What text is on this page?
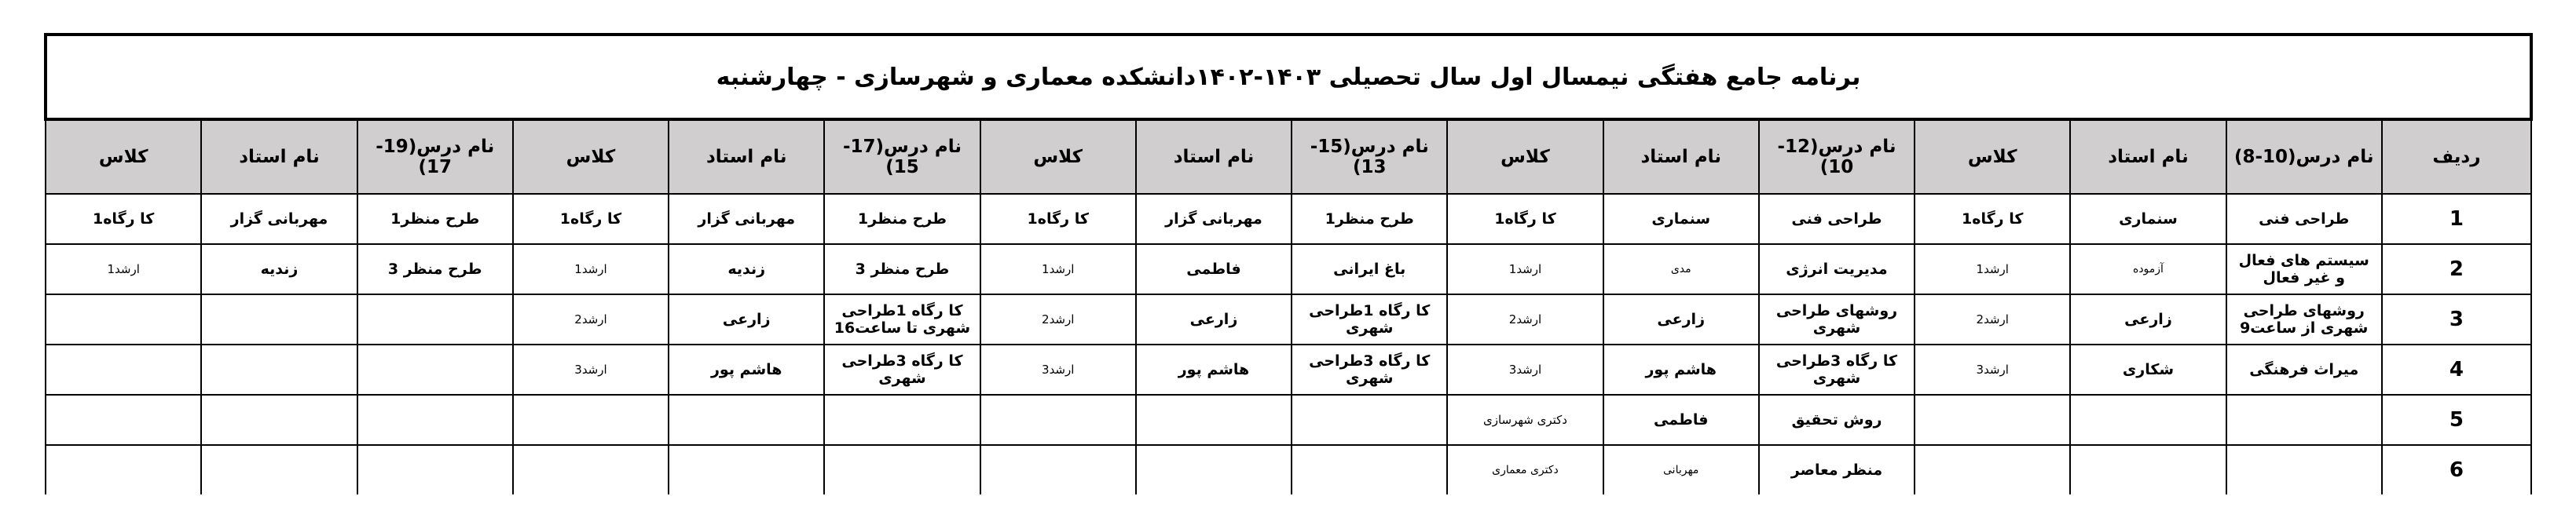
برنامه جامع هفتگی نیمسال اول سال تحصیلی ۱۴۰۳-۱۴۰۲دانشکده معماری و شهرسازی - چهارشنبه															
ردیف	نام درس(10-8)	نام استاد	کلاس	نام درس(12-10)	نام استاد	کلاس	نام درس(15-13)	نام استاد	کلاس	نام درس(17-15)	نام استاد	کلاس	نام درس(19-17)	نام استاد	کلاس
1	طراحی فنی	سنماری	کا رگاه1	طراحی فنی	سنماری	کا رگاه1	طرح منظر1	مهربانی گزار	کا رگاه1	طرح منظر1	مهربانی گزار	کا رگاه1	طرح منظر1	مهربانی گزار	کا رگاه1
2	سیستم های فعال و غیر فعال	آزموده	ارشد1	مدیریت انرژی	مدی	ارشد1	باغ ایرانی	فاطمی	ارشد1	طرح منظر 3	زندیه	ارشد1	طرح منظر 3	زندیه	ارشد1
3	روشهای طراحی شهری از ساعت9	زارعی	ارشد2	روشهای طراحی شهری	زارعی	ارشد2	کا رگاه 1طراحی شهری	زارعی	ارشد2	کا رگاه 1طراحی شهری تا ساعت16	زارعی	ارشد2			
4	میراث فرهنگی	شکاری	ارشد3	کا رگاه 3طراحی شهری	هاشم پور	ارشد3	کا رگاه 3طراحی شهری	هاشم پور	ارشد3	کا رگاه 3طراحی شهری	هاشم پور	ارشد3			
5				روش تحقیق	فاطمی	دکتری شهرسازی									
6				منظر معاصر	مهربانی	دکتری معماری									
